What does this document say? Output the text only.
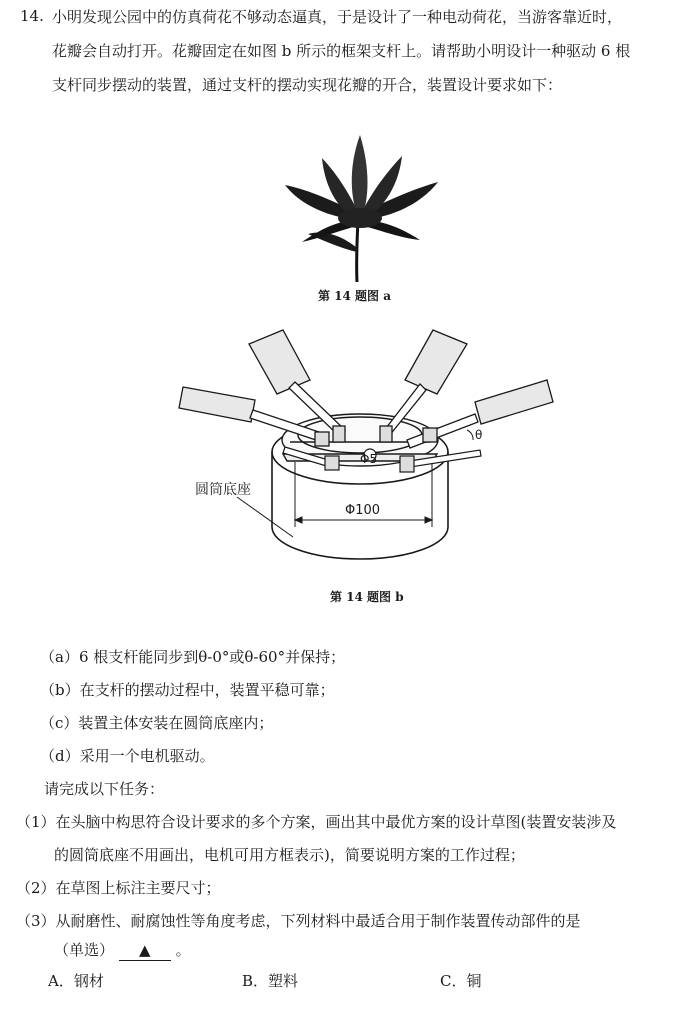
14. 小明发现公园中的仿真荷花不够动态逼真，于是设计了一种电动荷花，当游客靠近时，
花瓣会自动打开。花瓣固定在如图 b 所示的框架支杆上。请帮助小明设计一种驱动 6 根
支杆同步摆动的装置，通过支杆的摆动实现花瓣的开合，装置设计要求如下：
第 14 题图 a
Φ100
Φ5
θ
圆筒底座
第 14 题图 b
（a）6 根支杆能同步到θ-0°或θ-60°并保持；
（b）在支杆的摆动过程中，装置平稳可靠；
（c）装置主体安装在圆筒底座内；
（d）采用一个电机驱动。
请完成以下任务：
（1）在头脑中构思符合设计要求的多个方案，画出其中最优方案的设计草图(装置安装涉及
的圆筒底座不用画出，电机可用方框表示)，简要说明方案的工作过程；
（2）在草图上标注主要尺寸；
（3）从耐磨性、耐腐蚀性等角度考虑，下列材料中最适合用于制作装置传动部件的是
（单选） ▲ 。
A．钢材	B．塑料	C．铜
